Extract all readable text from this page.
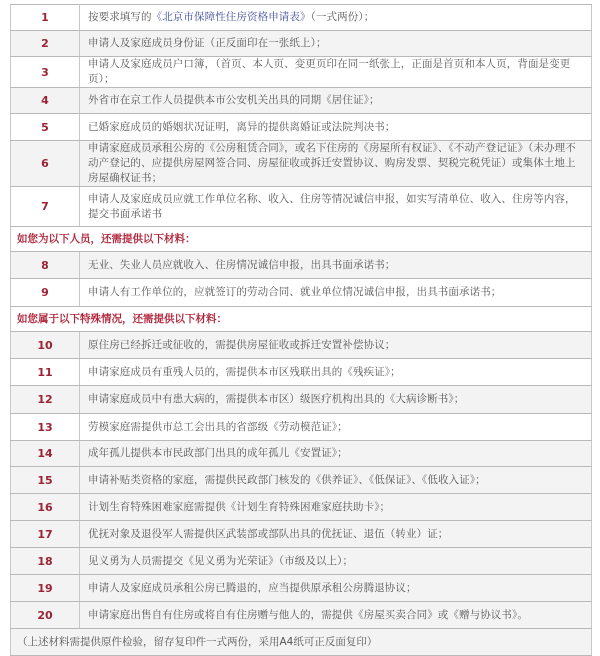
1	按要求填写的《北京市保障性住房资格申请表》（一式两份）；
2	申请人及家庭成员身份证（正反面印在一张纸上）；
3	申请人及家庭成员户口簿，（首页、本人页、变更页印在同一纸张上，正面是首页和本人页，背面是变更页）；
4	外省市在京工作人员提供本市公安机关出具的同期《居住证》；
5	已婚家庭成员的婚姻状况证明，离异的提供离婚证或法院判决书；
6	申请家庭成员承租公房的《公房租赁合同》，或名下住房的《房屋所有权证》、《不动产登记证》（未办理不动产登记的、应提供房屋网签合同、房屋征收或拆迁安置协议、购房发票、契税完税凭证）或集体土地上房屋确权证书；
7	申请人及家庭成员应就工作单位名称、收入、住房等情况诚信申报，如实写清单位、收入、住房等内容，提交书面承诺书
如您为以下人员，还需提供以下材料：	
8	无业、失业人员应就收入、住房情况诚信申报，出具书面承诺书；
9	申请人有工作单位的，应就签订的劳动合同、就业单位情况诚信申报，出具书面承诺书；
如您属于以下特殊情况，还需提供以下材料：	
10	原住房已经拆迁或征收的，需提供房屋征收或拆迁安置补偿协议；
11	申请家庭成员有重残人员的，需提供本市区残联出具的《残疾证》；
12	申请家庭成员中有患大病的，需提供本市区）级医疗机构出具的《大病诊断书》；
13	劳模家庭需提供市总工会出具的省部级《劳动模范证》；
14	成年孤儿提供本市民政部门出具的成年孤儿《安置证》；
15	申请补贴类资格的家庭，需提供民政部门核发的《供养证》、《低保证》、《低收入证》；
16	计划生育特殊困难家庭需提供《计划生育特殊困难家庭扶助卡》；
17	优抚对象及退役军人需提供区武装部或部队出具的优抚证、退伍（转业）证；
18	见义勇为人员需提交《见义勇为光荣证》（市级及以上）；
19	申请人及家庭成员承租公房已腾退的，应当提供原承租公房腾退协议；
20	申请家庭出售自有住房或将自有住房赠与他人的，需提供《房屋买卖合同》或《赠与协议书》。
（上述材料需提供原件检验，留存复印件一式两份，采用A4纸可正反面复印）	
